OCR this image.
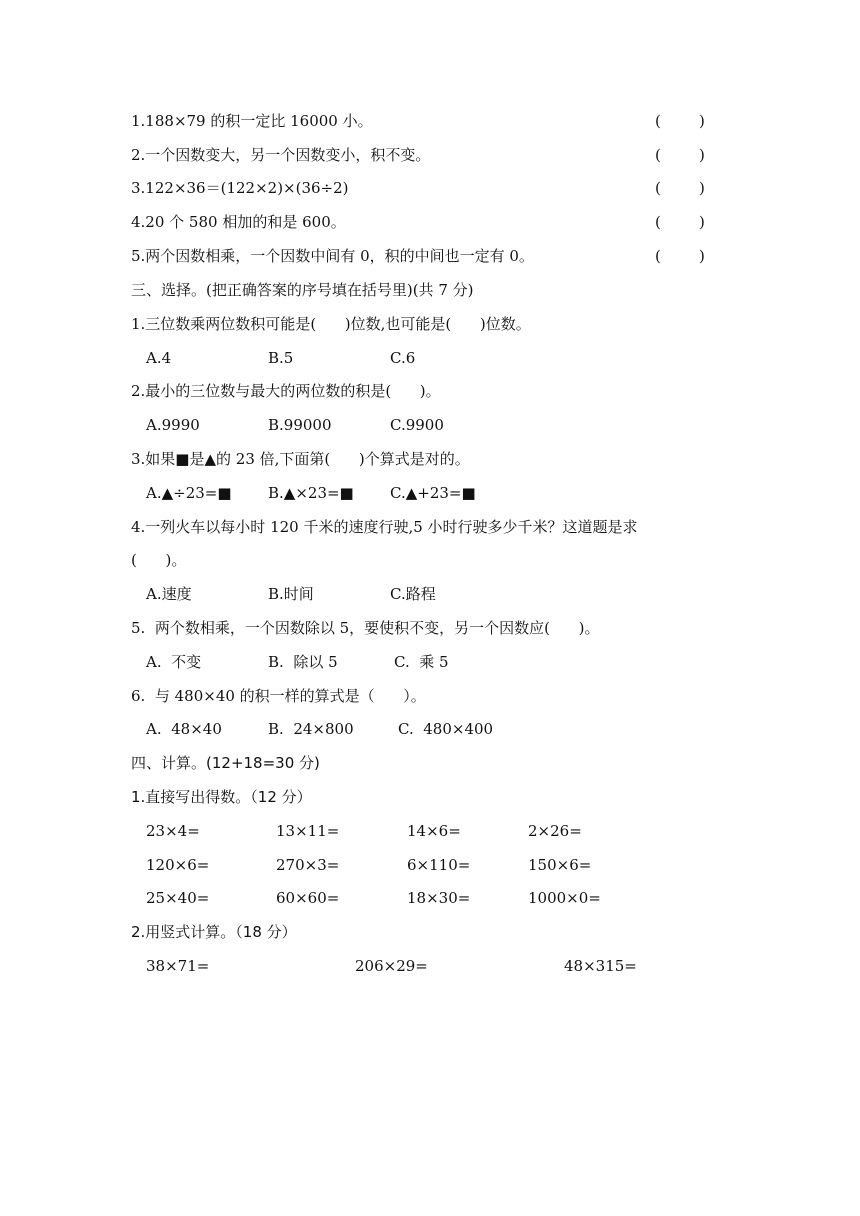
1.188×79 的积一定比 16000 小。	(        )
2.一个因数变大，另一个因数变小，积不变。	(        )
3.122×36＝(122×2)×(36÷2)	(        )
4.20 个 580 相加的和是 600。	(        )
5.两个因数相乘，一个因数中间有 0，积的中间也一定有 0。	(        )
三、选择。(把正确答案的序号填在括号里)(共 7 分)
1.三位数乘两位数积可能是(      )位数,也可能是(      )位数。
A.4	B.5	C.6
2.最小的三位数与最大的两位数的积是(      )。
A.9990	B.99000	C.9900
3.如果■是▲的 23 倍,下面第(      )个算式是对的。
A.▲÷23=■ B.▲×23=■ C.▲+23=■
4.一列火车以每小时 120 千米的速度行驶,5 小时行驶多少千米？这道题是求
(      )。
A.速度	B.时间	C.路程
5.  两个数相乘，一个因数除以 5，要使积不变，另一个因数应(      )。
A.  不变	B.  除以 5	C.  乘 5
6.  与 480×40 的积一样的算式是（      ）。
A.  48×40	B.  24×800	C.  480×400
四、计算。(12+18=30 分)
1.直接写出得数。（12 分）
23×4=	13×11=	14×6=	2×26=
120×6=	270×3=	6×110=	150×6=
25×40=	60×60=	18×30=	1000×0=
2.用竖式计算。（18 分）
38×71=	206×29=	48×315=
